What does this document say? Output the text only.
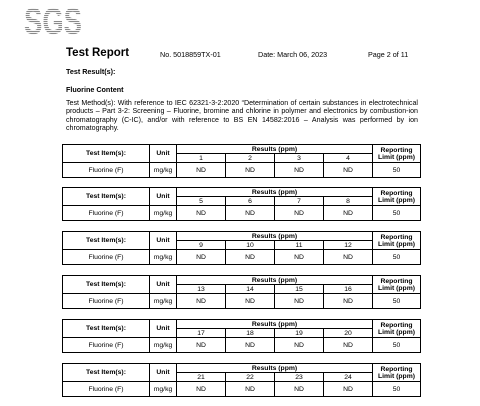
SGS
Test Report	No. 5018859TX-01	Date: March 06, 2023	Page 2 of 11
Test Result(s):
Fluorine Content
Test Method(s): With reference to IEC 62321-3-2:2020 “Determination of certain substances in electrotechnical products – Part 3-2: Screening – Fluorine, bromine and chlorine in polymer and electronics by combustion-ion chromatography (C-IC), and/or with reference to BS EN 14582:2016 – Analysis was performed by ion chromatography.
Test Item(s):	Unit	Results (ppm)				Reporting Limit (ppm)
		1	2	3	4	
Fluorine (F)	mg/kg	ND	ND	ND	ND	50
Test Item(s):	Unit	Results (ppm)				Reporting Limit (ppm)
		5	6	7	8	
Fluorine (F)	mg/kg	ND	ND	ND	ND	50
Test Item(s):	Unit	Results (ppm)				Reporting Limit (ppm)
		9	10	11	12	
Fluorine (F)	mg/kg	ND	ND	ND	ND	50
Test Item(s):	Unit	Results (ppm)				Reporting Limit (ppm)
		13	14	15	16	
Fluorine (F)	mg/kg	ND	ND	ND	ND	50
Test Item(s):	Unit	Results (ppm)				Reporting Limit (ppm)
		17	18	19	20	
Fluorine (F)	mg/kg	ND	ND	ND	ND	50
Test Item(s):	Unit	Results (ppm)				Reporting Limit (ppm)
		21	22	23	24	
Fluorine (F)	mg/kg	ND	ND	ND	ND	50
